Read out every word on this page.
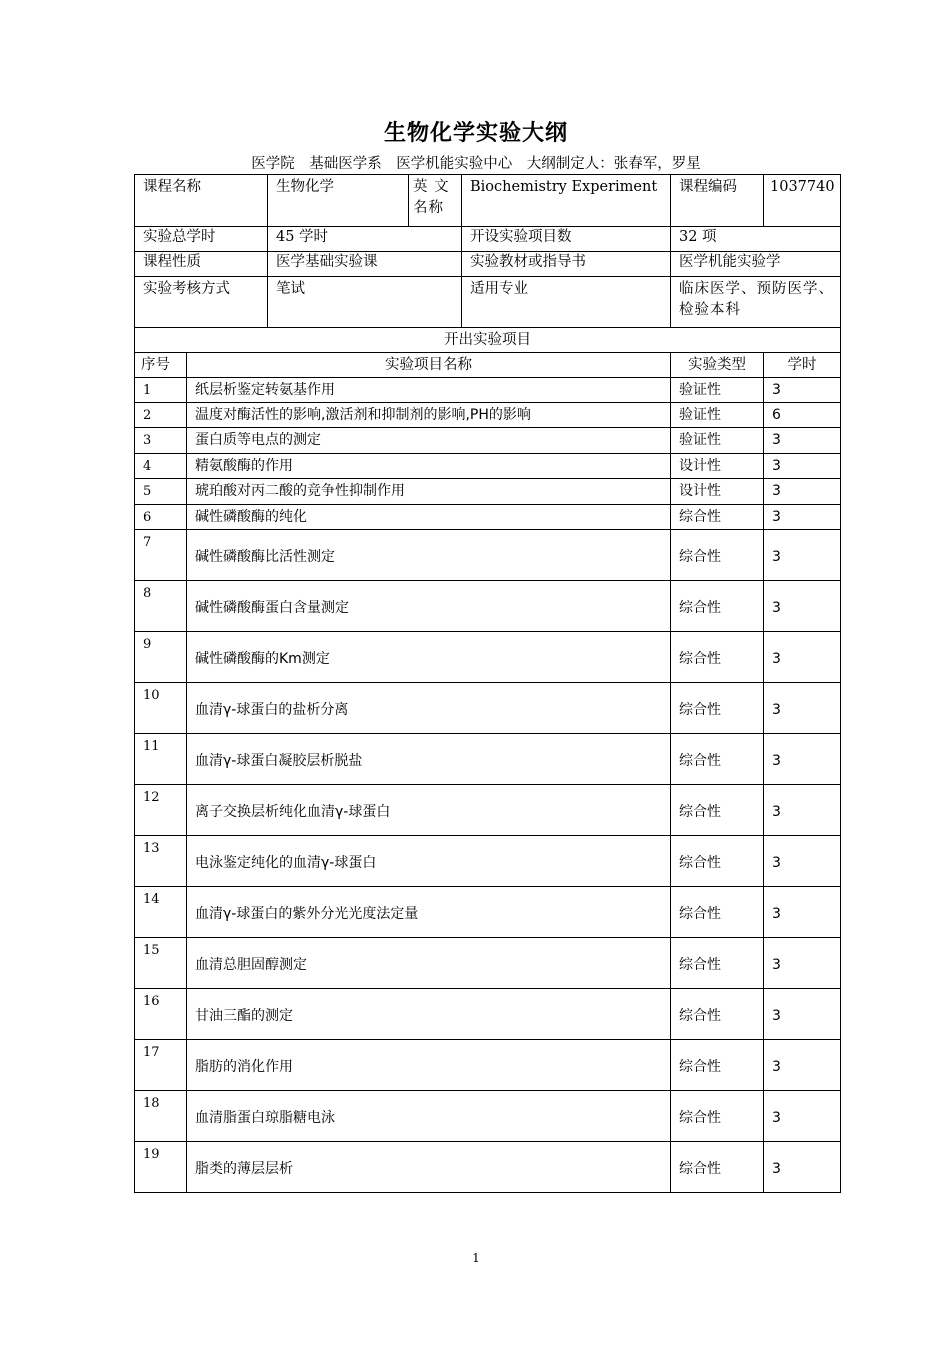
生物化学实验大纲
医学院　基础医学系　医学机能实验中心　大纲制定人：张春军，罗星
课程名称	生物化学	英 文名称	Biochemistry Experiment	课程编码	1037740
实验总学时	45 学时		开设实验项目数	32 项	
课程性质	医学基础实验课		实验教材或指导书	医学机能实验学	
实验考核方式	笔试		适用专业	临床医学、预防医学、检验本科	
开出实验项目			
序号	实验项目名称	实验类型	学时
1	纸层析鉴定转氨基作用	验证性	3
2	温度对酶活性的影响,激活剂和抑制剂的影响,PH的影响	验证性	6
3	蛋白质等电点的测定	验证性	3
4	精氨酸酶的作用	设计性	3
5	琥珀酸对丙二酸的竞争性抑制作用	设计性	3
6	碱性磷酸酶的纯化	综合性	3
7	碱性磷酸酶比活性测定	综合性	3
8	碱性磷酸酶蛋白含量测定	综合性	3
9	碱性磷酸酶的Km测定	综合性	3
10	血清γ-球蛋白的盐析分离	综合性	3
11	血清γ-球蛋白凝胶层析脱盐	综合性	3
12	离子交换层析纯化血清γ-球蛋白	综合性	3
13	电泳鉴定纯化的血清γ-球蛋白	综合性	3
14	血清γ-球蛋白的紫外分光光度法定量	综合性	3
15	血清总胆固醇测定	综合性	3
16	甘油三酯的测定	综合性	3
17	脂肪的消化作用	综合性	3
18	血清脂蛋白琼脂糖电泳	综合性	3
19	脂类的薄层层析	综合性	3
1
